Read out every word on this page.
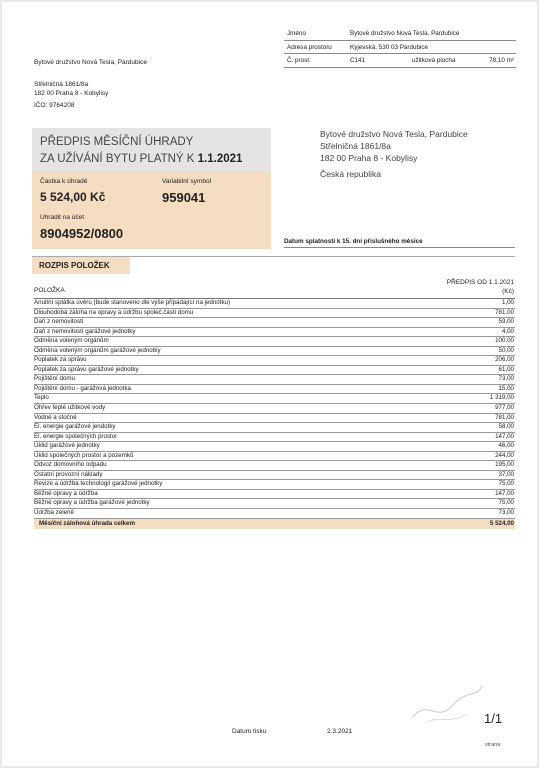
Jméno	Bytové družstvo Nová Tesla, Pardubice
Adresa prostoru	Kyjevská, 530 03 Pardubice
Č. prost.	C141	užitková plocha	78,10 m²
Bytové družstvo Nová Tesla, Pardubice
Střelničná 1861/8a
182 00 Praha 8 - Kobylisy
IČO: 9764208
PŘEDPIS MĚSÍČNÍ ÚHRADY
ZA UŽÍVÁNÍ BYTU PLATNÝ K 1.1.2021
Částka k úhradě
5 524,00 Kč
Variabilní symbol
959041
Uhradit na účet
8904952/0800
Bytové družstvo Nová Tesla, Pardubice
Střelničná 1861/8a
182 00 Praha 8 - Kobylisy
Česká republika
Datum splatnosti k 15. dni příslušného měsíce
ROZPIS POLOŽEK
POLOŽKA
PŘEDPIS OD 1.1.2021
(Kč)
Anuitní splátka úvěru (bude stanoveno dle výše připadající na jednotku)	1,00
Dlouhodobá záloha na opravy a údržbu společ.části domu	781,00
Daň z nemovitostí	59,00
Daň z nemovitostí garážové jednotky	4,00
Odměna voleným orgánům	100,00
Odměna voleným orgánům garážové jednotky	50,00
Poplatek za správu	206,00
Poplatek za správu garážové jednotky	61,00
Pojištění domu	73,00
Pojištění domu - garážová jednotka	15,00
Teplo	1 319,00
Ohřev teplé užitkové vody	977,00
Vodné a stočné	781,00
El. energie garážové jendotky	58,00
El. energie společných prostor	147,00
Úklid garážové jednotky	46,00
Úklid společných prostor a pozemků	244,00
Odvoz domovního odpadu	195,00
Ostatní provozní náklady	37,00
Revize a údržba technologií garážové jednotky	75,00
Běžné opravy a údržba	147,00
Běžné opravy a údržba garážové jednotky	75,00
Údržba zeleně	73,00
Měsíční zálohová úhrada celkem	5 524,00
Datum tisku	2.3.2021
1/1
strana
